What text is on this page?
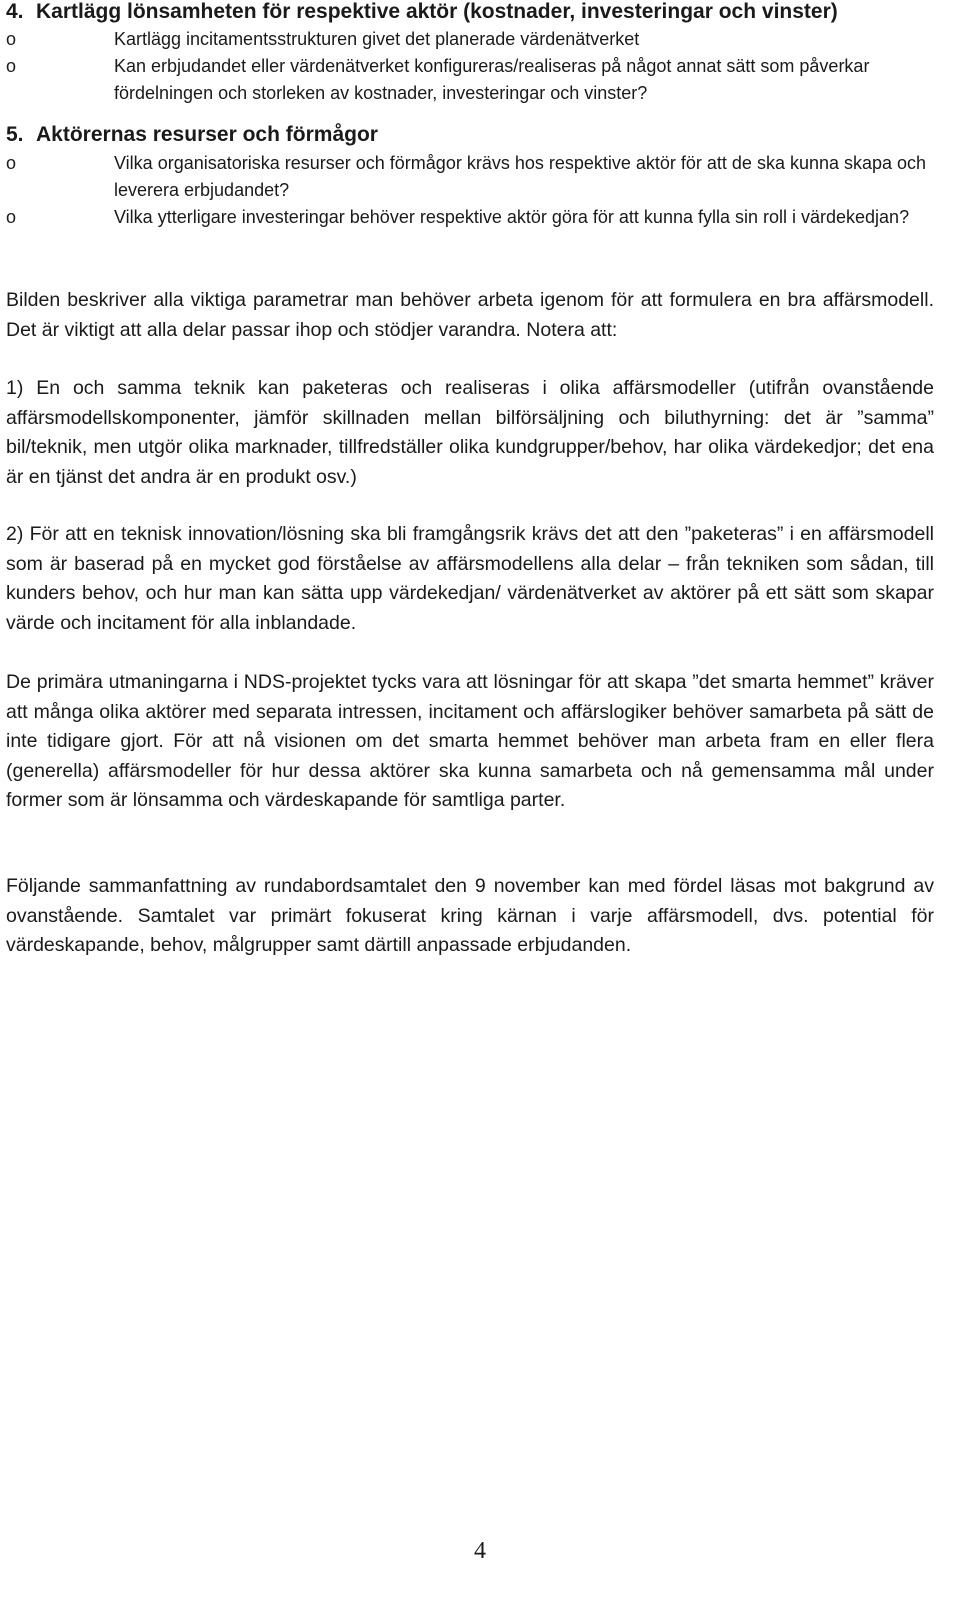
4. Kartlägg lönsamheten för respektive aktör (kostnader, investeringar och vinster)
o	Kartlägg incitamentsstrukturen givet det planerade värdenätverket
o	Kan erbjudandet eller värdenätverket konfigureras/realiseras på något annat sätt som påverkar fördelningen och storleken av kostnader, investeringar och vinster?
5. Aktörernas resurser och förmågor
o	Vilka organisatoriska resurser och förmågor krävs hos respektive aktör för att de ska kunna skapa och leverera erbjudandet?
o	Vilka ytterligare investeringar behöver respektive aktör göra för att kunna fylla sin roll i värdekedjan?

Bilden beskriver alla viktiga parametrar man behöver arbeta igenom för att formulera en bra affärsmodell. Det är viktigt att alla delar passar ihop och stödjer varandra. Notera att:

1) En och samma teknik kan paketeras och realiseras i olika affärsmodeller (utifrån ovanstående affärsmodellskomponenter, jämför skillnaden mellan bilförsäljning och biluthyrning: det är ”samma” bil/teknik, men utgör olika marknader, tillfredställer olika kundgrupper/behov, har olika värdekedjor; det ena är en tjänst det andra är en produkt osv.)

2) För att en teknisk innovation/lösning ska bli framgångsrik krävs det att den ”paketeras” i en affärsmodell som är baserad på en mycket god förståelse av affärsmodellens alla delar – från tekniken som sådan, till kunders behov, och hur man kan sätta upp värdekedjan/ värdenätverket av aktörer på ett sätt som skapar värde och incitament för alla inblandade.

De primära utmaningarna i NDS-projektet tycks vara att lösningar för att skapa ”det smarta hemmet” kräver att många olika aktörer med separata intressen, incitament och affärslogiker behöver samarbeta på sätt de inte tidigare gjort. För att nå visionen om det smarta hemmet behöver man arbeta fram en eller flera (generella) affärsmodeller för hur dessa aktörer ska kunna samarbeta och nå gemensamma mål under former som är lönsamma och värdeskapande för samtliga parter.

Följande sammanfattning av rundabordsamtalet den 9 november kan med fördel läsas mot bakgrund av ovanstående. Samtalet var primärt fokuserat kring kärnan i varje affärsmodell, dvs. potential för värdeskapande, behov, målgrupper samt därtill anpassade erbjudanden.

4
